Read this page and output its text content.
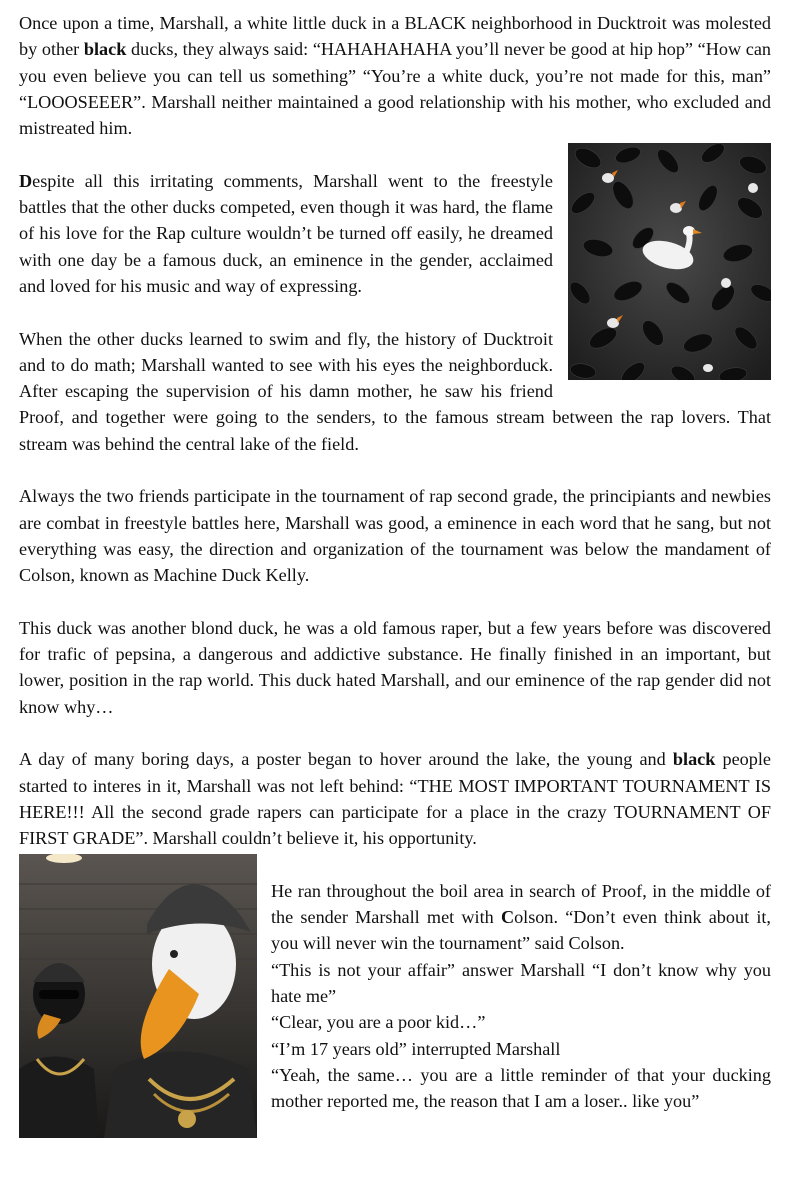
Once upon a time, Marshall, a white little duck in a BLACK neighborhood in Ducktroit was molested by other black ducks, they always said: “HAHAHAHAHA you’ll never be good at hip hop” “How can you even believe you can tell us something” “You’re a white duck, you’re not made for this, man” “LOOOSEEER”. Marshall neither maintained a good relationship with his mother, who excluded and mistreated him.

Despite all this irritating comments, Marshall went to the freestyle battles that the other ducks competed, even though it was hard, the flame of his love for the Rap culture wouldn’t be turned off easily, he dreamed with one day be a famous duck, an eminence in the gender, acclaimed and loved for his music and way of expressing.

When the other ducks learned to swim and fly, the history of Ducktroit and to do math; Marshall wanted to see with his eyes the neighborduck. After escaping the supervision of his damn mother, he saw his friend Proof, and together were going to the senders, to the famous stream between the rap lovers. That stream was behind the central lake of the field.

Always the two friends participate in the tournament of rap second grade, the principiants and newbies are combat in freestyle battles here, Marshall was good, a eminence in each word that he sang, but not everything was easy, the direction and organization of the tournament was below the mandament of Colson, known as Machine Duck Kelly.

This duck was another blond duck, he was a old famous raper, but a few years before was discovered for trafic of pepsina, a dangerous and addictive substance. He finally finished in an important, but lower, position in the rap world. This duck hated Marshall, and our eminence of the rap gender did not know why…

A day of many boring days, a poster began to hover around the lake, the young and black people started to interes in it, Marshall was not left behind: “THE MOST IMPORTANT TOURNAMENT IS HERE!!! All the second grade rapers can participate for a place in the crazy TOURNAMENT OF FIRST GRADE”. Marshall couldn’t believe it, his opportunity.

He ran throughout the boil area in search of Proof, in the middle of the sender Marshall met with Colson. “Don’t even think about it, you will never win the tournament” said Colson.

“This is not your affair” answer Marshall “I don’t know why you hate me”

“Clear, you are a poor kid…”

“I’m 17 years old” interrupted Marshall

“Yeah, the same… you are a little reminder of that your ducking mother reported me, the reason that I am a loser.. like you”
